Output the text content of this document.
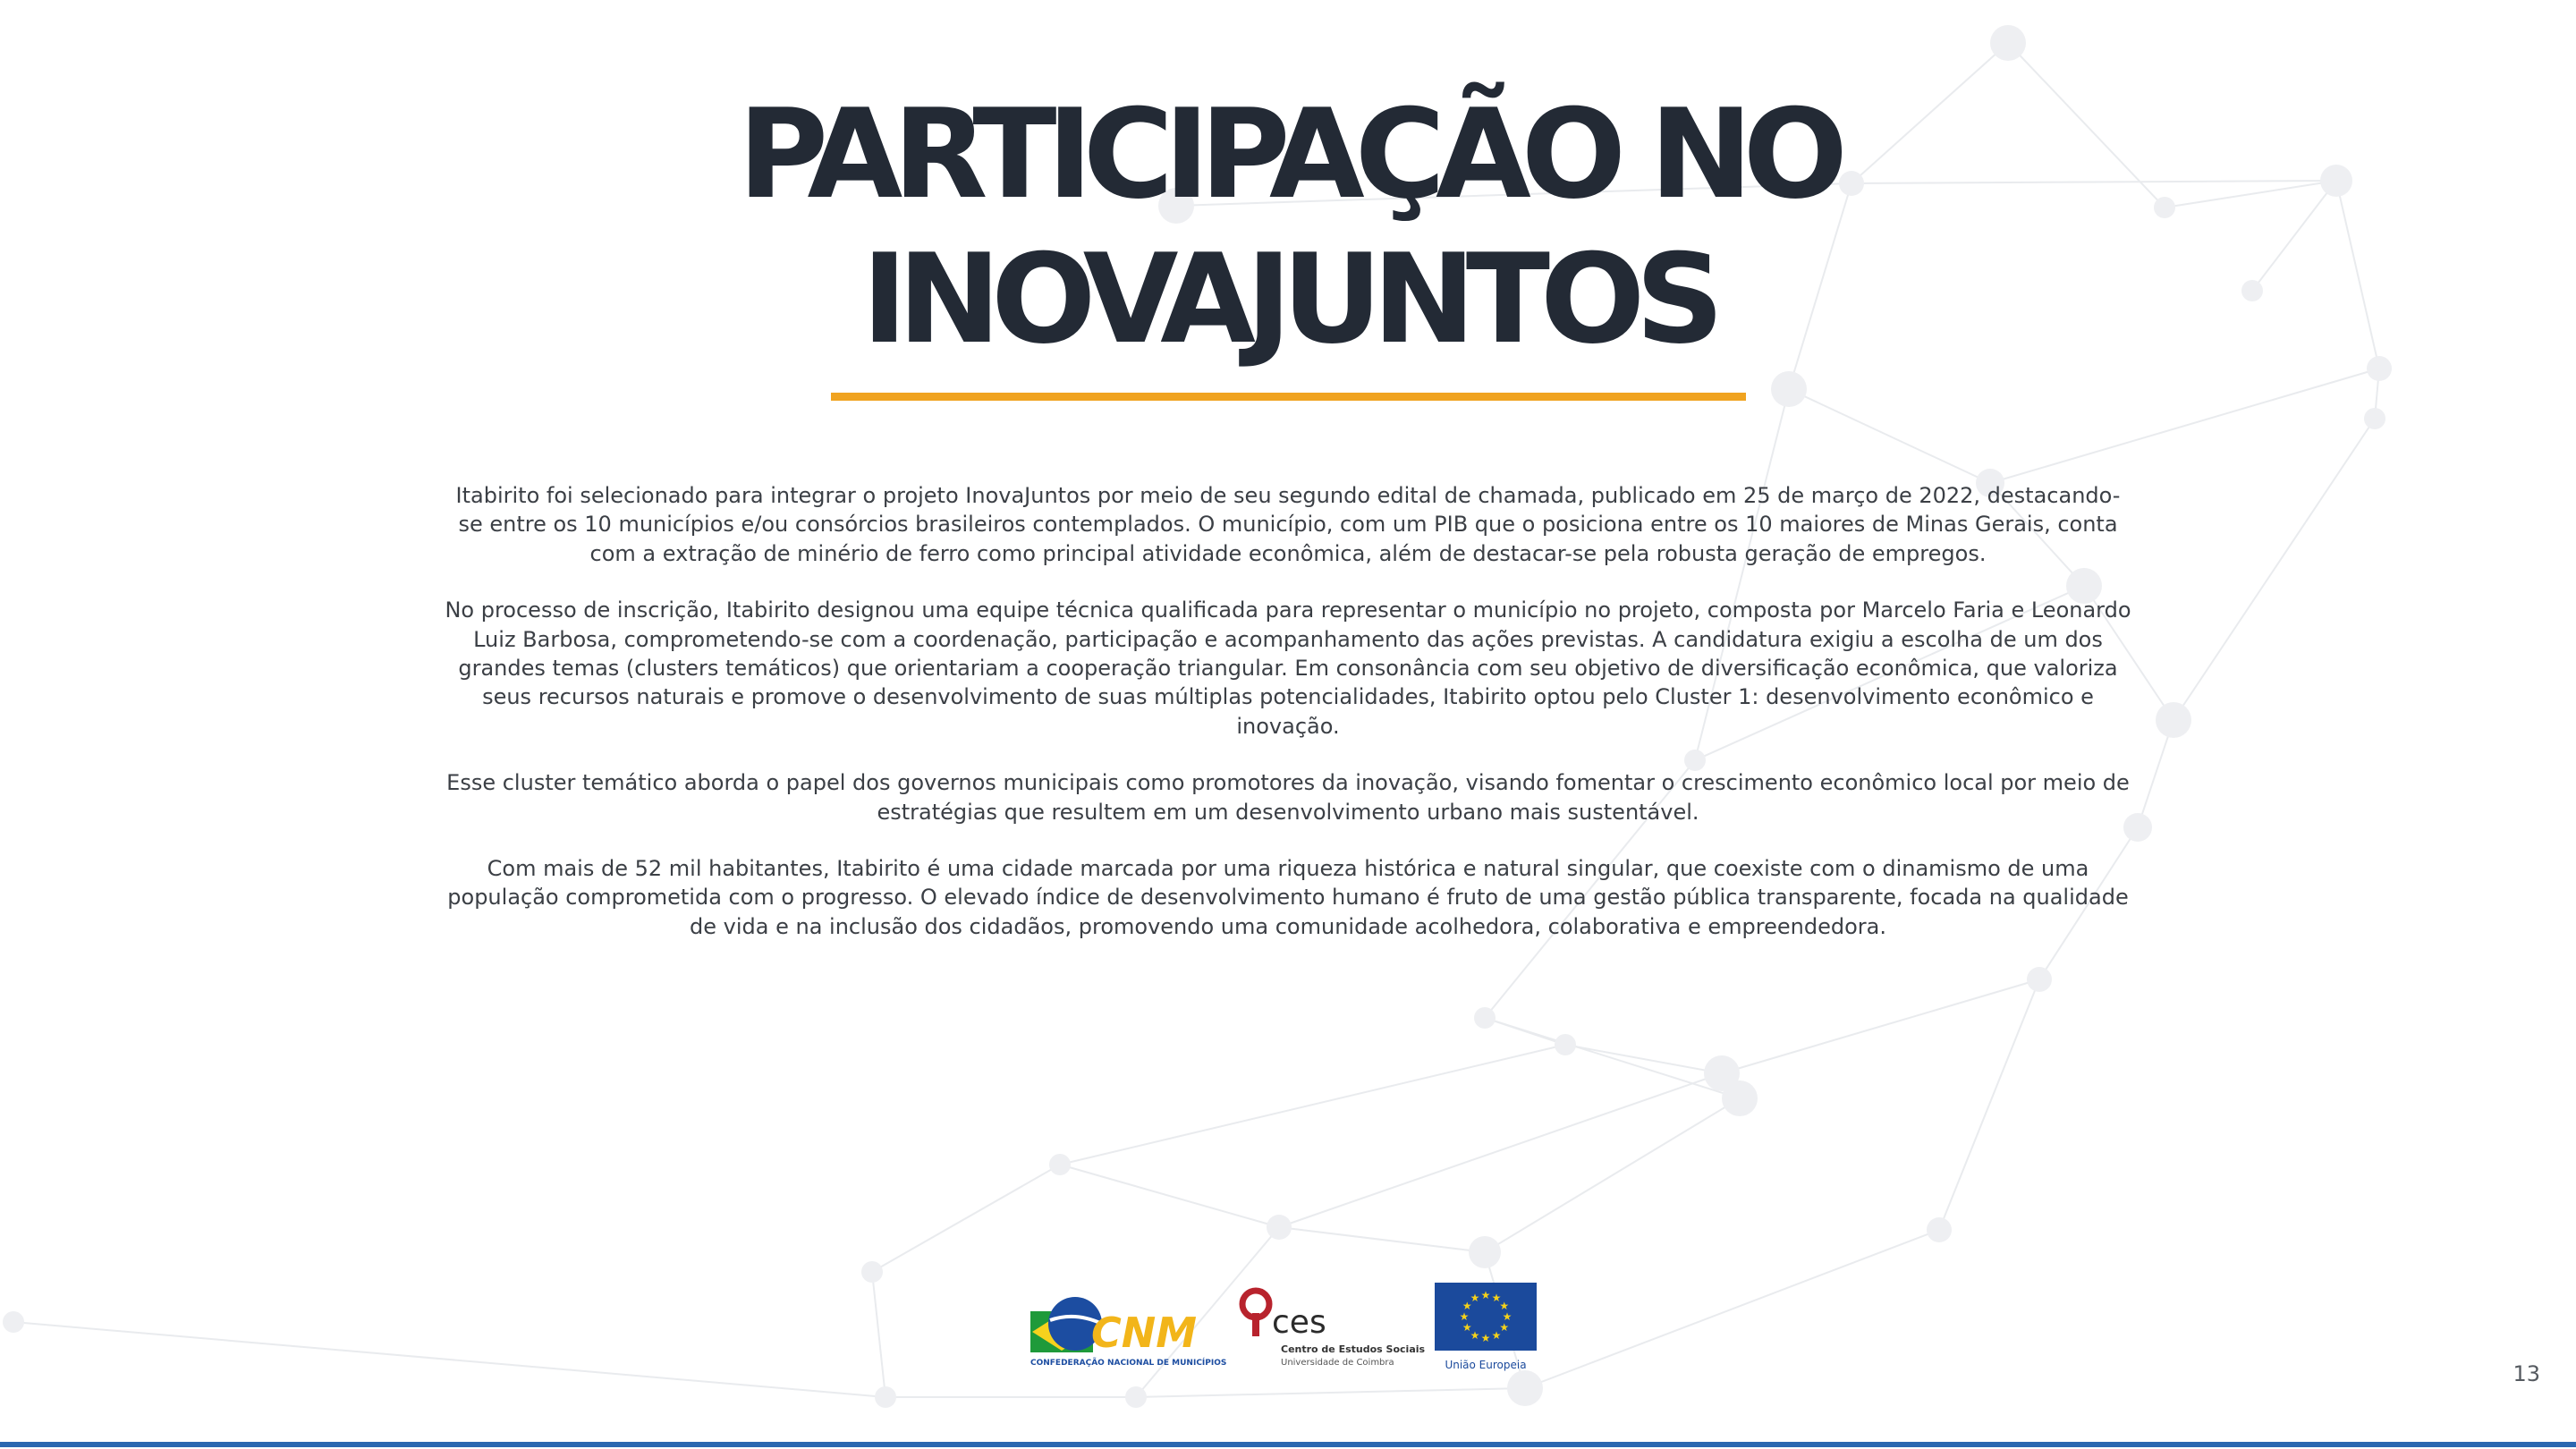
PARTICIPAÇÃO NO
INOVAJUNTOS

Itabirito foi selecionado para integrar o projeto InovaJuntos por meio de seu segundo edital de chamada, publicado em 25 de março de 2022, destacando-se entre os 10 municípios e/ou consórcios brasileiros contemplados. O município, com um PIB que o posiciona entre os 10 maiores de Minas Gerais, conta com a extração de minério de ferro como principal atividade econômica, além de destacar-se pela robusta geração de empregos.

No processo de inscrição, Itabirito designou uma equipe técnica qualificada para representar o município no projeto, composta por Marcelo Faria e Leonardo Luiz Barbosa, comprometendo-se com a coordenação, participação e acompanhamento das ações previstas. A candidatura exigiu a escolha de um dos grandes temas (clusters temáticos) que orientariam a cooperação triangular. Em consonância com seu objetivo de diversificação econômica, que valoriza seus recursos naturais e promove o desenvolvimento de suas múltiplas potencialidades, Itabirito optou pelo Cluster 1: desenvolvimento econômico e inovação.

Esse cluster temático aborda o papel dos governos municipais como promotores da inovação, visando fomentar o crescimento econômico local por meio de estratégias que resultem em um desenvolvimento urbano mais sustentável.

Com mais de 52 mil habitantes, Itabirito é uma cidade marcada por uma riqueza histórica e natural singular, que coexiste com o dinamismo de uma população comprometida com o progresso. O elevado índice de desenvolvimento humano é fruto de uma gestão pública transparente, focada na qualidade de vida e na inclusão dos cidadãos, promovendo uma comunidade acolhedora, colaborativa e empreendedora.

CNM
CONFEDERAÇÃO NACIONAL DE MUNICÍPIOS
ces
Centro de Estudos Sociais
Universidade de Coimbra
★
★
★
★
★
★
★
★
★ ★ ★
★
União Europeia	13
